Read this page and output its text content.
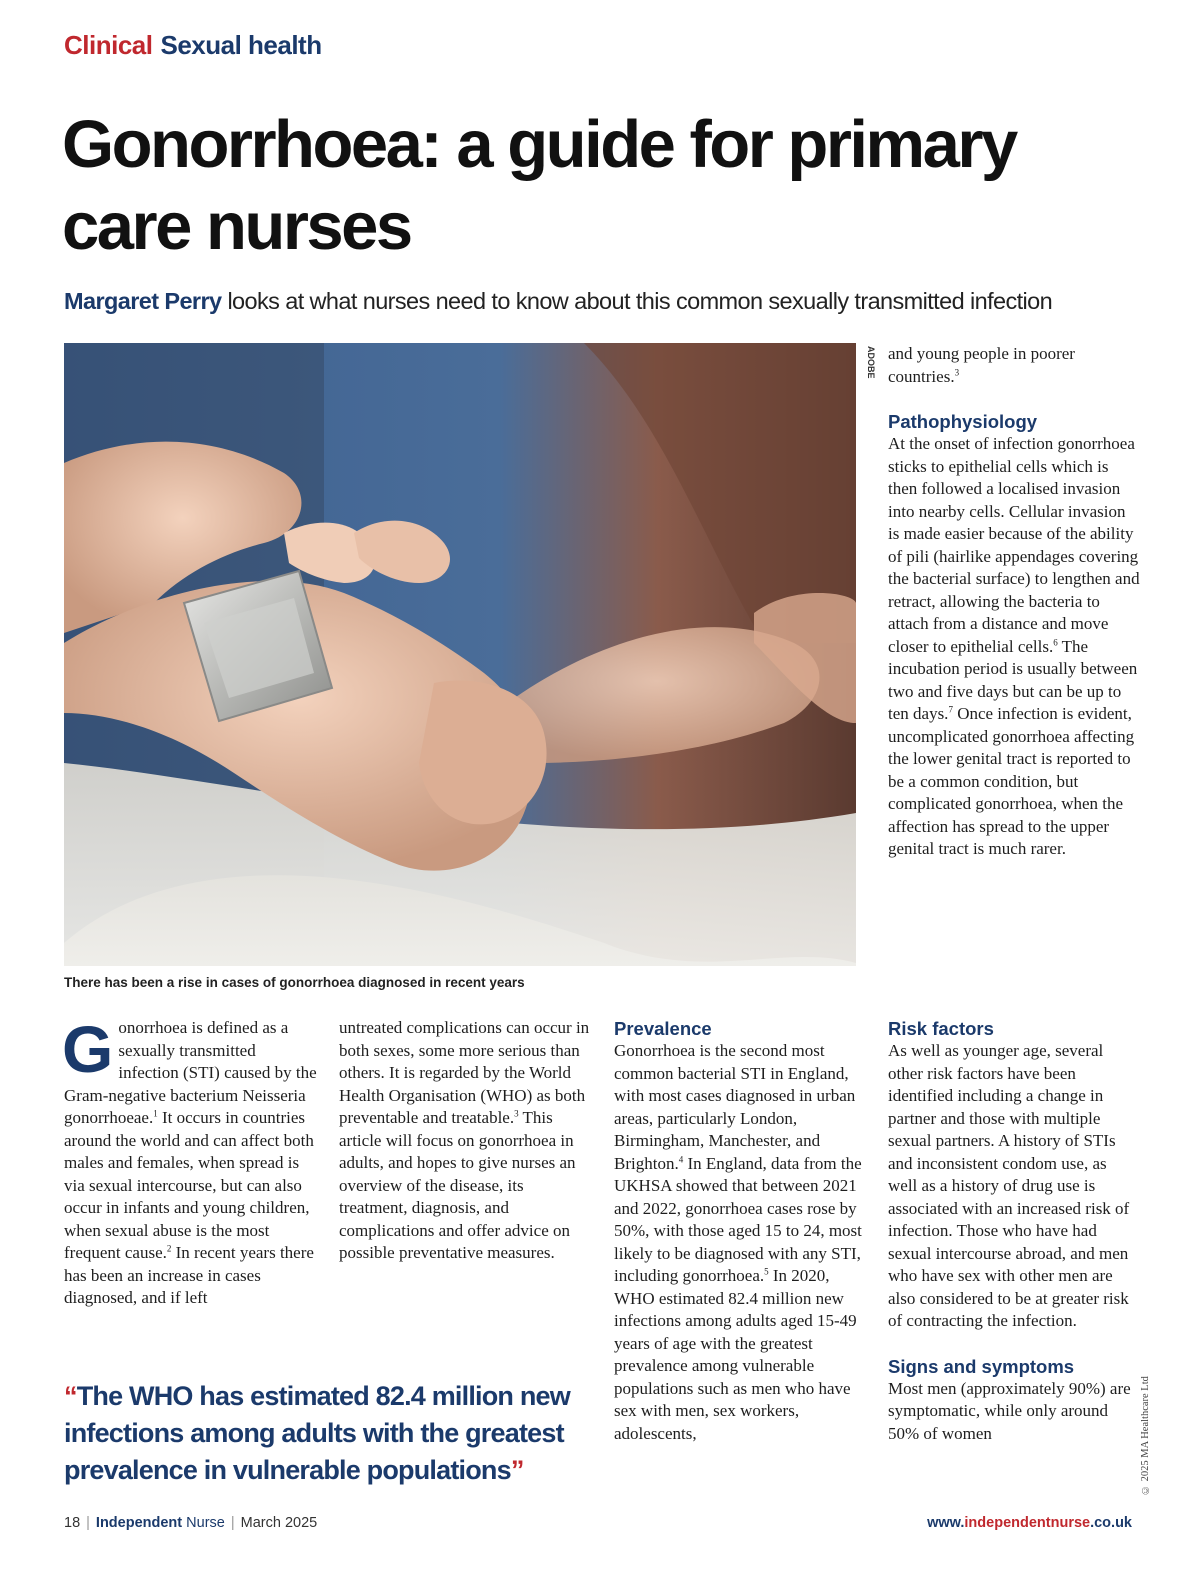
Clinical Sexual health
Gonorrhoea: a guide for primary care nurses

Margaret Perry looks at what nurses need to know about this common sexually transmitted infection

ADOBE
There has been a rise in cases of gonorrhoea diagnosed in recent years

Gonorrhoea is defined as a sexually transmitted infection (STI) caused by the Gram-negative bacterium Neisseria gonorrhoeae.$^1$ It occurs in countries around the world and can affect both males and females, when spread is via sexual intercourse, but can also occur in infants and young children, when sexual abuse is the most frequent cause.$^2$ In recent years there has been an increase in cases diagnosed, and if left

untreated complications can occur in both sexes, some more serious than others. It is regarded by the World Health Organisation (WHO) as both preventable and treatable.$^3$ This article will focus on gonorrhoea in adults, and hopes to give nurses an overview of the disease, its treatment, diagnosis, and complications and offer advice on possible preventative measures.

“The WHO has estimated 82.4 million new infections among adults with the greatest prevalence in vulnerable populations”

Prevalence

Gonorrhoea is the second most common bacterial STI in England, with most cases diagnosed in urban areas, particularly London, Birmingham, Manchester, and Brighton.$^4$ In England, data from the UKHSA showed that between 2021 and 2022, gonorrhoea cases rose by 50%, with those aged 15 to 24, most likely to be diagnosed with any STI, including gonorrhoea.$^5$ In 2020, WHO estimated 82.4 million new infections among adults aged 15-49 years of age with the greatest prevalence among vulnerable populations such as men who have sex with men, sex workers, adolescents,

and young people in poorer countries.$^3$

Pathophysiology

At the onset of infection gonorrhoea sticks to epithelial cells which is then followed a localised invasion into nearby cells. Cellular invasion is made easier because of the ability of pili (hairlike appendages covering the bacterial surface) to lengthen and retract, allowing the bacteria to attach from a distance and move closer to epithelial cells.$^6$ The incubation period is usually between two and five days but can be up to ten days.$^7$ Once infection is evident, uncomplicated gonorrhoea affecting the lower genital tract is reported to be a common condition, but complicated gonorrhoea, when the affection has spread to the upper genital tract is much rarer.

Risk factors

As well as younger age, several other risk factors have been identified including a change in partner and those with multiple sexual partners. A history of STIs and inconsistent condom use, as well as a history of drug use is associated with an increased risk of infection. Those who have had sexual intercourse abroad, and men who have sex with other men are also considered to be at greater risk of contracting the infection.

Signs and symptoms

Most men (approximately 90%) are symptomatic, while only around 50% of women	© 2025 MA Healthcare Ltd
18 | Independent Nurse | March 2025	www.independentnurse.co.uk
